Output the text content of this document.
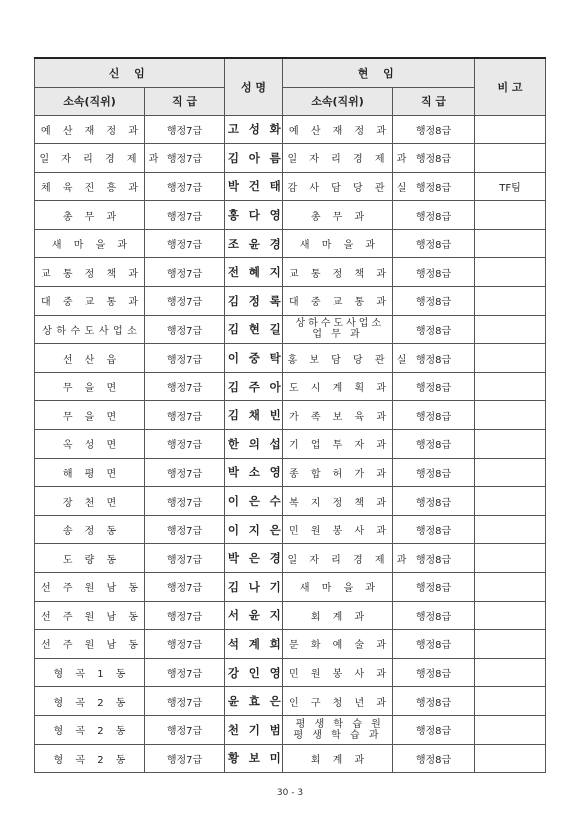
신 임		성 명	현 임		비 고
소속(직위)	직 급		소속(직위)	직 급	
예 산 재 정 과	행정7급	고 성 화	예 산 재 정 과	행정8급	
일 자 리 경 제 과	행정7급	김 아 름	일 자 리 경 제 과	행정8급	
체 육 진 흥 과	행정7급	박 건 태	감 사 담 당 관 실	행정8급	TF팀
총 무 과	행정7급	홍 다 영	총 무 과	행정8급	
새 마 을 과	행정7급	조 윤 경	새 마 을 과	행정8급	
교 통 정 책 과	행정7급	전 혜 지	교 통 정 책 과	행정8급	
대 중 교 통 과	행정7급	김 정 록	대 중 교 통 과	행정8급	
상하수도사업소	행정7급	김 현 길	상하수도사업소 업 무 과	행정8급	
선 산 읍	행정7급	이 중 탁	홍 보 담 당 관 실	행정8급	
무 을 면	행정7급	김 주 아	도 시 계 획 과	행정8급	
무 을 면	행정7급	김 채 빈	가 족 보 육 과	행정8급	
옥 성 면	행정7급	한 의 섭	기 업 투 자 과	행정8급	
해 평 면	행정7급	박 소 영	종 합 허 가 과	행정8급	
장 천 면	행정7급	이 은 수	복 지 정 책 과	행정8급	
송 정 동	행정7급	이 지 은	민 원 봉 사 과	행정8급	
도 량 동	행정7급	박 은 경	일 자 리 경 제 과	행정8급	
선 주 원 남 동	행정7급	김 나 기	새 마 을 과	행정8급	
선 주 원 남 동	행정7급	서 윤 지	회 계 과	행정8급	
선 주 원 남 동	행정7급	석 계 희	문 화 예 술 과	행정8급	
형 곡 1 동	행정7급	강 인 영	민 원 봉 사 과	행정8급	
형 곡 2 동	행정7급	윤 효 은	인 구 청 년 과	행정8급	
형 곡 2 동	행정7급	천 기 범	평 생 학 습 원 평 생 학 습 과	행정8급	
형 곡 2 동	행정7급	황 보 미	회 계 과	행정8급	
30 - 3
